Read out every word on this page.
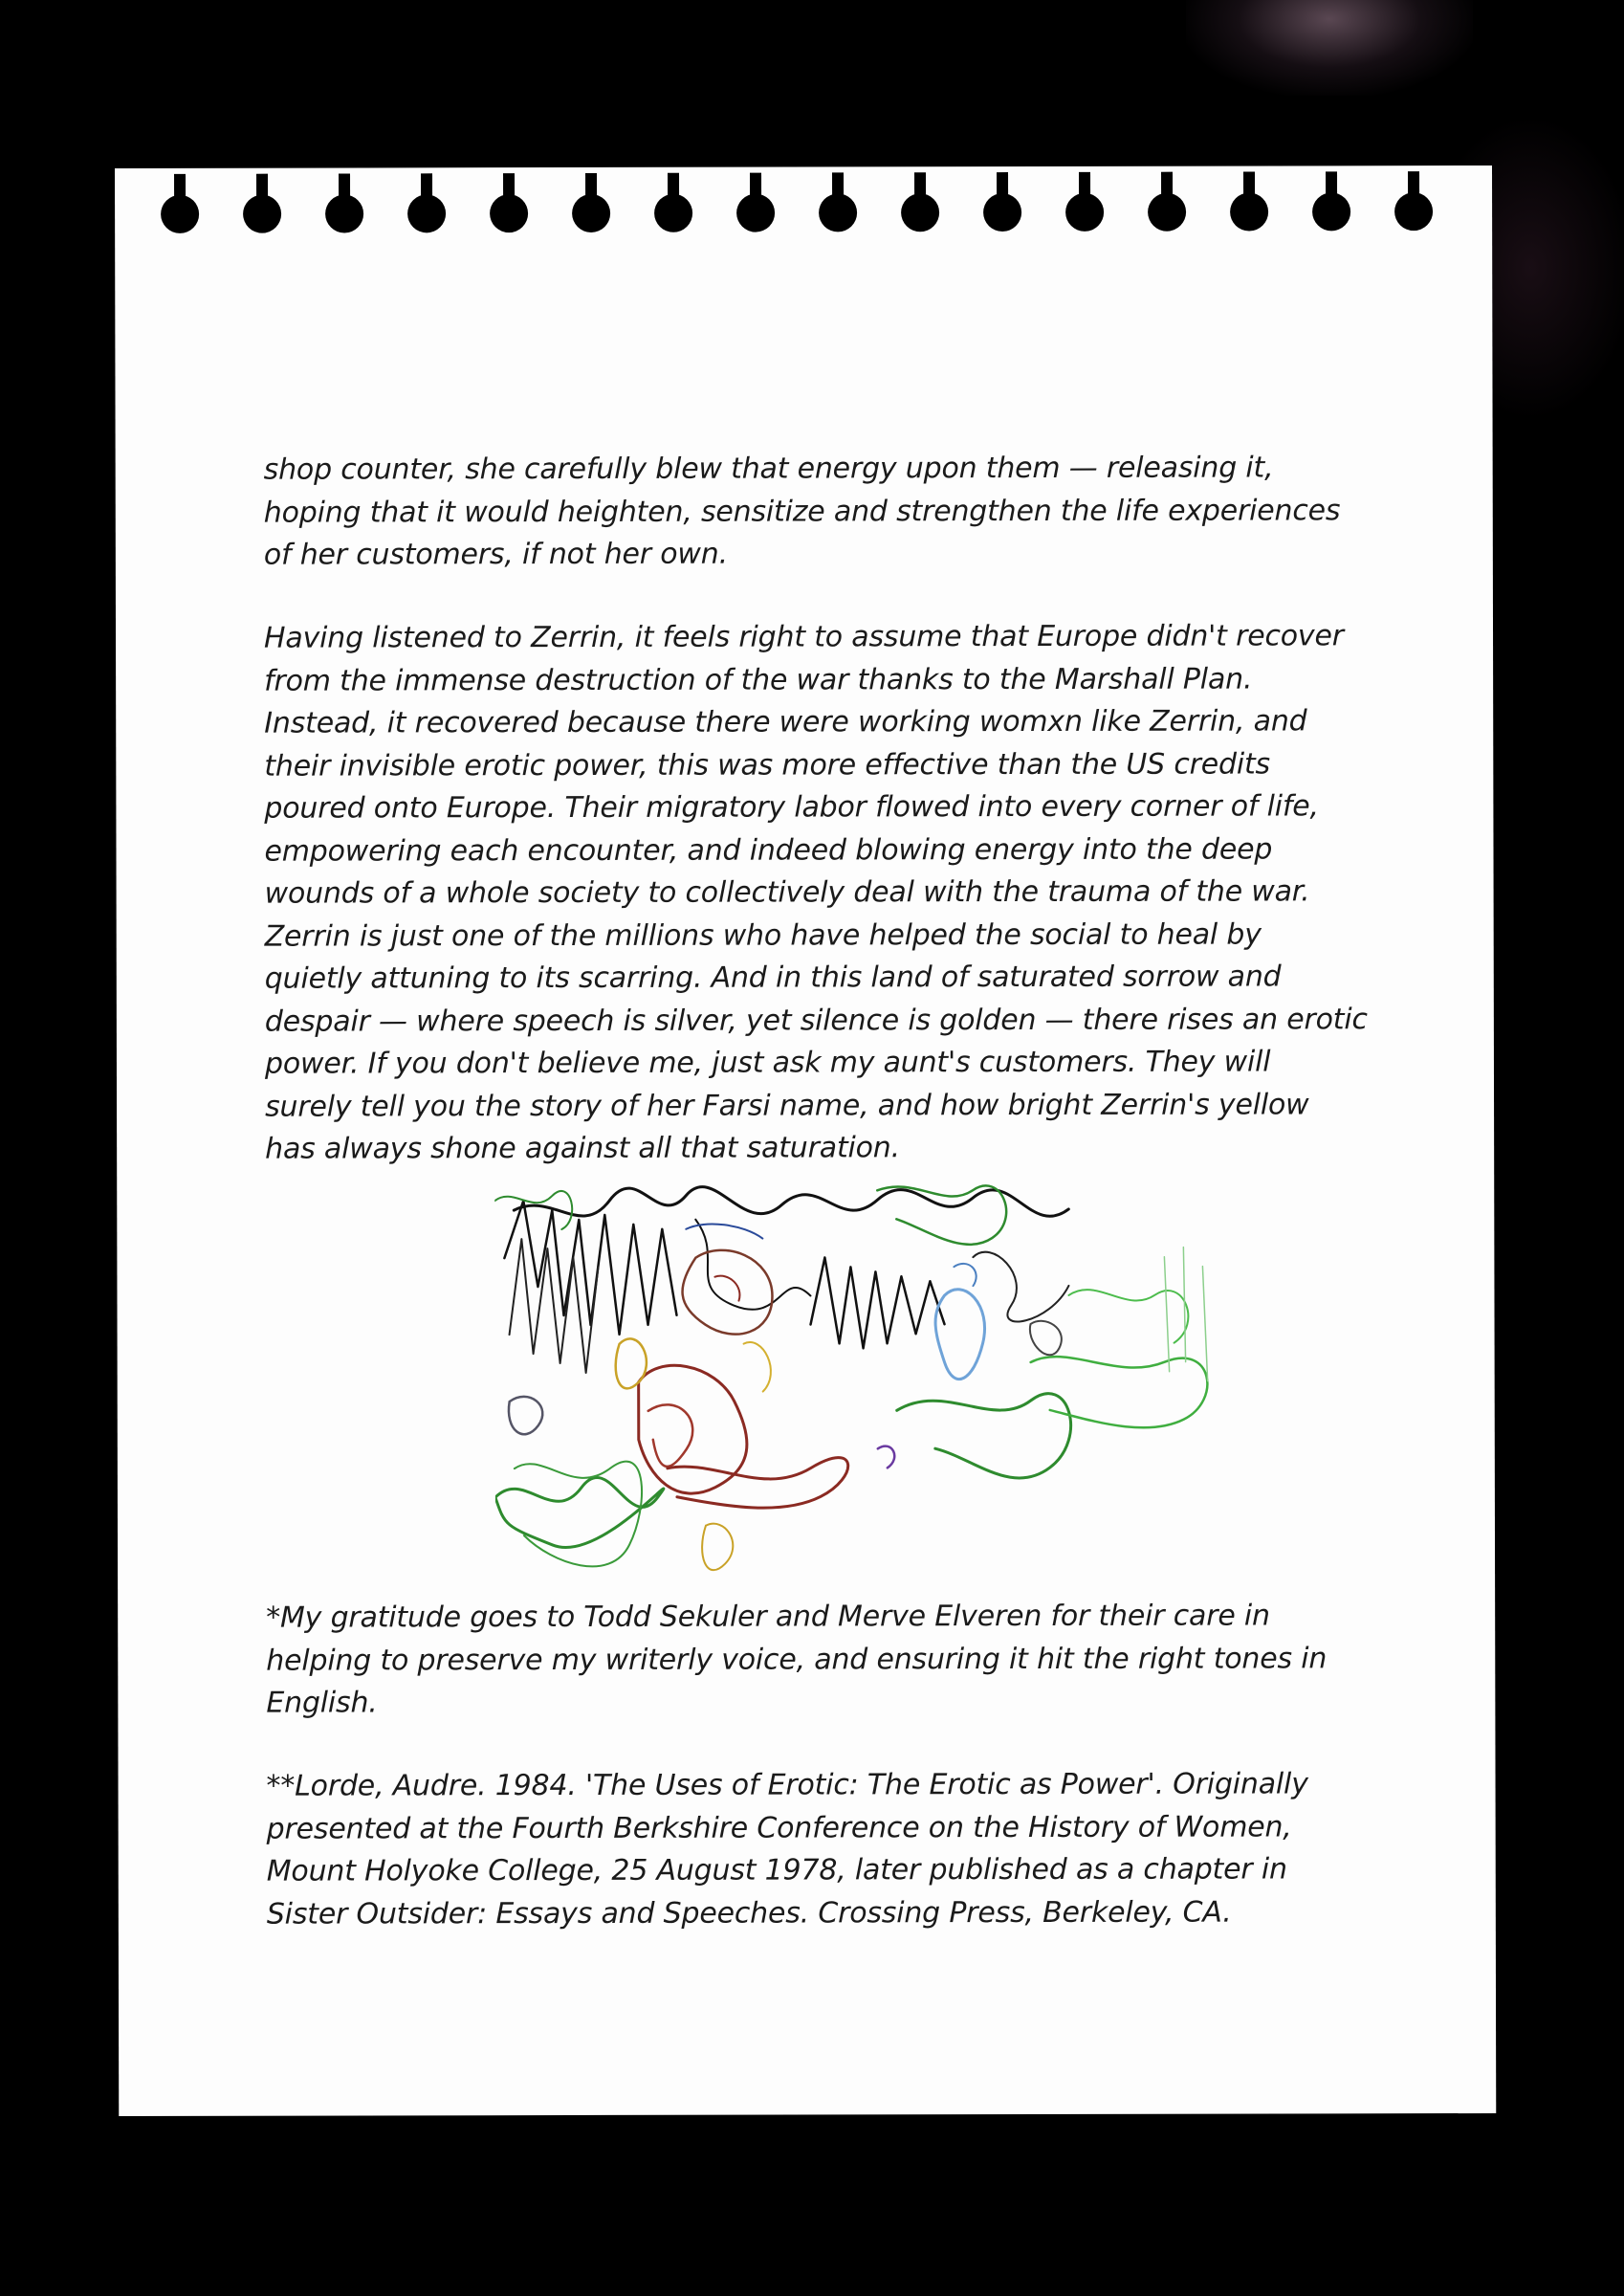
shop counter, she carefully blew that energy upon them — releasing it,
hoping that it would heighten, sensitize and strengthen the life experiences
of her customers, if not her own.
Having listened to Zerrin, it feels right to assume that Europe didn't recover
from the immense destruction of the war thanks to the Marshall Plan.
Instead, it recovered because there were working womxn like Zerrin, and
their invisible erotic power, this was more effective than the US credits
poured onto Europe. Their migratory labor flowed into every corner of life,
empowering each encounter, and indeed blowing energy into the deep
wounds of a whole society to collectively deal with the trauma of the war.
Zerrin is just one of the millions who have helped the social to heal by
quietly attuning to its scarring. And in this land of saturated sorrow and
despair — where speech is silver, yet silence is golden — there rises an erotic
power. If you don't believe me, just ask my aunt's customers. They will
surely tell you the story of her Farsi name, and how bright Zerrin's yellow
has always shone against all that saturation.
*My gratitude goes to Todd Sekuler and Merve Elveren for their care in
helping to preserve my writerly voice, and ensuring it hit the right tones in
English.
**Lorde, Audre. 1984. 'The Uses of Erotic: The Erotic as Power'. Originally
presented at the Fourth Berkshire Conference on the History of Women,
Mount Holyoke College, 25 August 1978, later published as a chapter in
Sister Outsider: Essays and Speeches. Crossing Press, Berkeley, CA.
